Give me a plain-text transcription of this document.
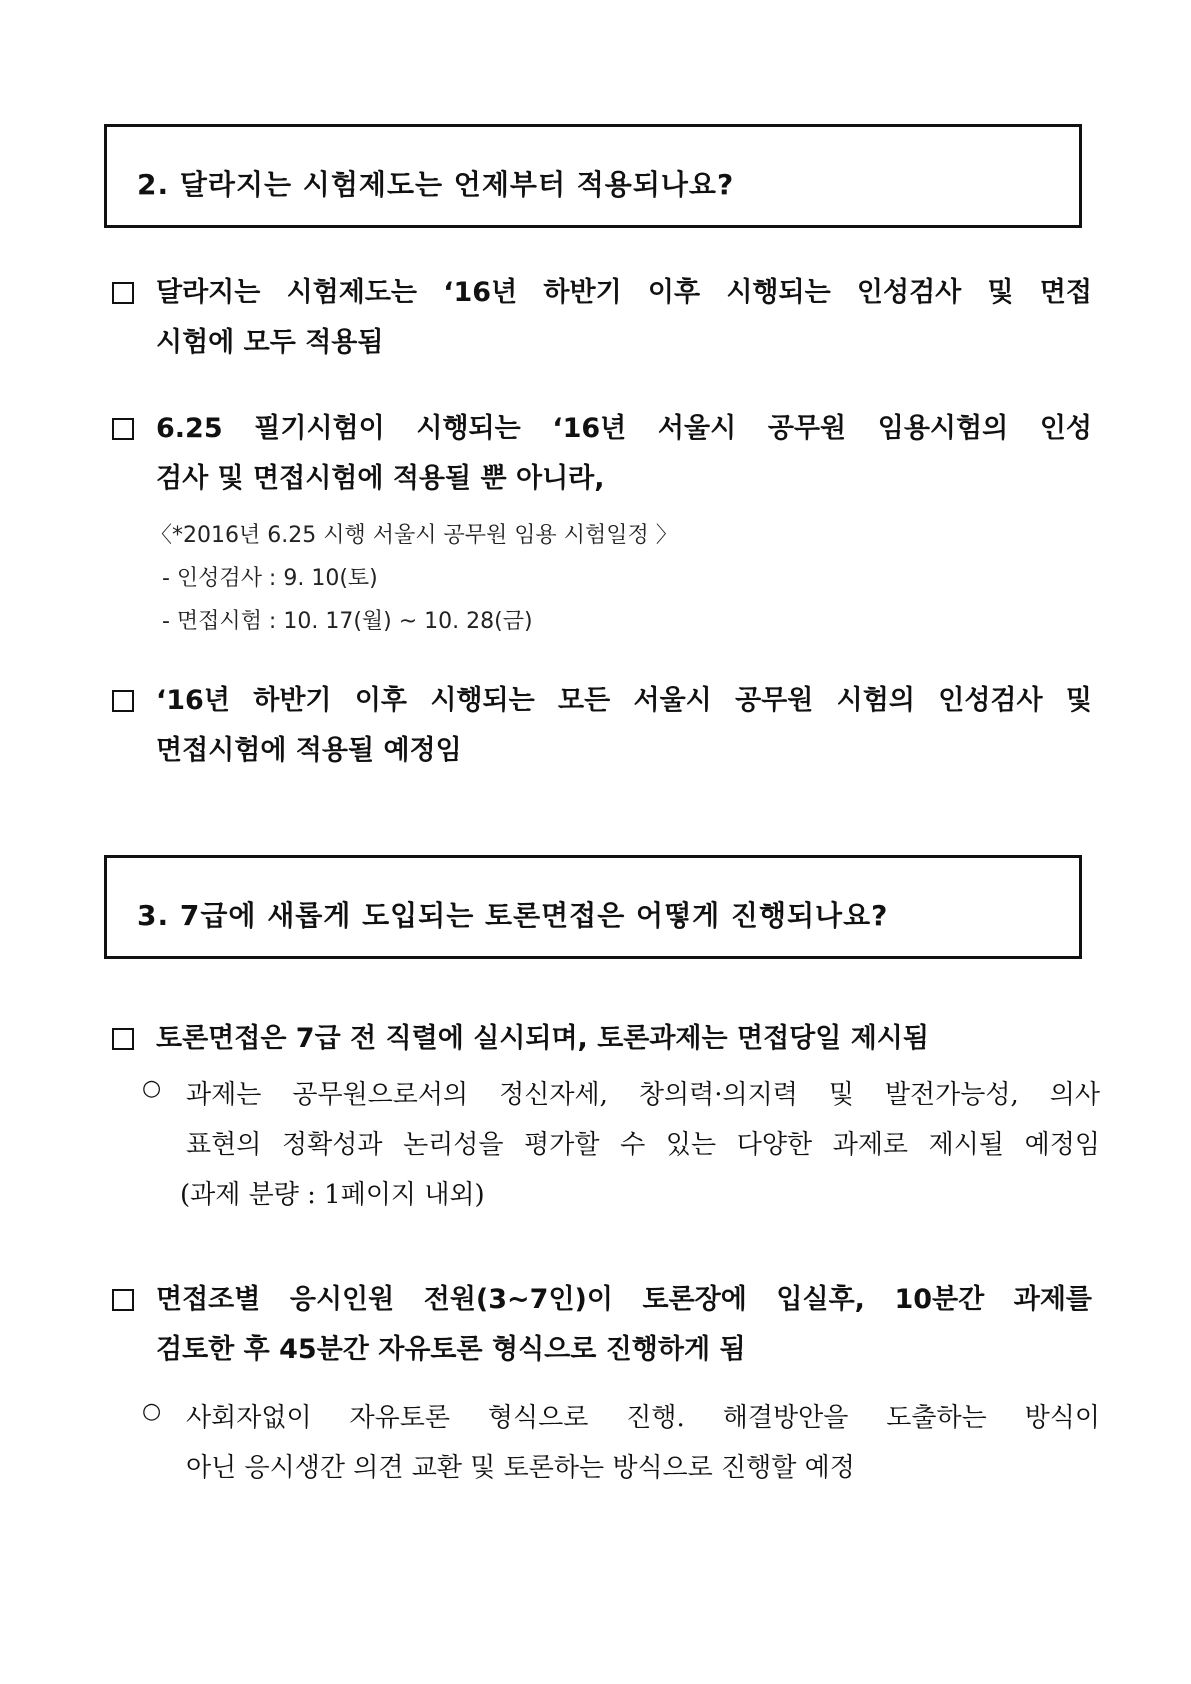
2. 달라지는 시험제도는 언제부터 적용되나요?
달라지는 시험제도는 ‘16년 하반기 이후 시행되는 인성검사 및 면접
시험에 모두 적용됨
6.25 필기시험이 시행되는 ‘16년 서울시 공무원 임용시험의 인성
검사 및 면접시험에 적용될 뿐 아니라,
〈*2016년 6.25 시행 서울시 공무원 임용 시험일정 〉
- 인성검사 : 9. 10(토)
- 면접시험 : 10. 17(월) ~ 10. 28(금)
‘16년 하반기 이후 시행되는 모든 서울시 공무원 시험의 인성검사 및
면접시험에 적용될 예정임
3. 7급에 새롭게 도입되는 토론면접은 어떻게 진행되나요?
토론면접은 7급 전 직렬에 실시되며, 토론과제는 면접당일 제시됨
○ 과제는 공무원으로서의 정신자세, 창의력·의지력 및 발전가능성, 의사
표현의 정확성과 논리성을 평가할 수 있는 다양한 과제로 제시될 예정임
(과제 분량 : 1페이지 내외)
면접조별 응시인원 전원(3~7인)이 토론장에 입실후, 10분간 과제를
검토한 후 45분간 자유토론 형식으로 진행하게 됨
○ 사회자없이 자유토론 형식으로 진행. 해결방안을 도출하는 방식이
아닌 응시생간 의견 교환 및 토론하는 방식으로 진행할 예정
